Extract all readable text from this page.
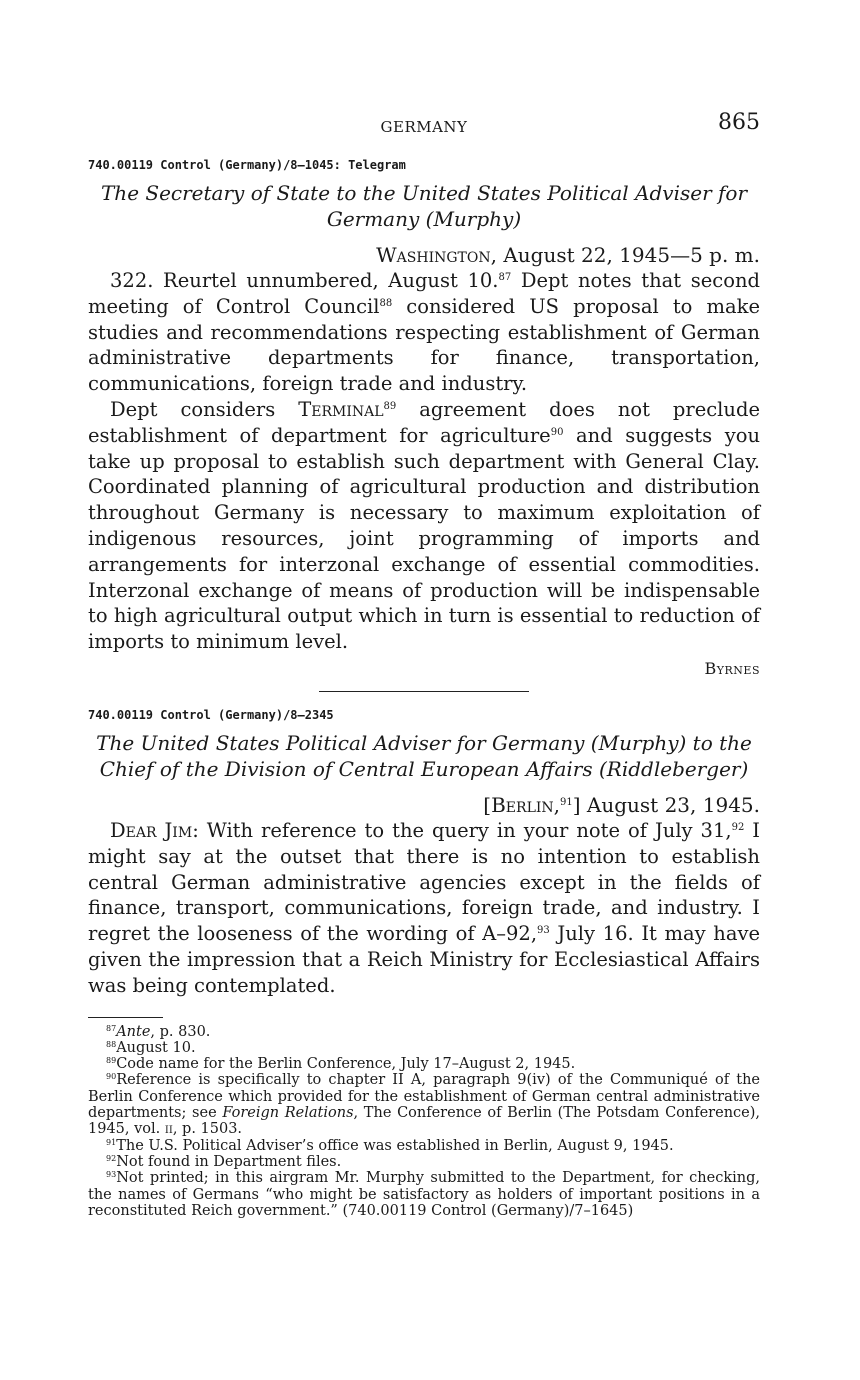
GERMANY	865
740.00119 Control (Germany)/8–1045: Telegram
The Secretary of State to the United States Political Adviser for
Germany (Murphy)
Washington, August 22, 1945—5 p. m.

322. Reurtel unnumbered, August 10.87 Dept notes that second meeting of Control Council$^{88}$ considered US proposal to make studies and recommendations respecting establishment of German administrative departments for finance, transportation, communications, foreign trade and industry.

Dept considers Terminal$^{89}$ agreement does not preclude establishment of department for agriculture$^{90}$ and suggests you take up proposal to establish such department with General Clay. Coordinated planning of agricultural production and distribution throughout Germany is necessary to maximum exploitation of indigenous resources, joint programming of imports and arrangements for interzonal exchange of essential commodities. Interzonal exchange of means of production will be indispensable to high agricultural output which in turn is essential to reduction of imports to minimum level.

Byrnes
740.00119 Control (Germany)/8–2345
The United States Political Adviser for Germany (Murphy) to the
Chief of the Division of Central European Affairs (Riddleberger)
[Berlin,$^{91}$] August 23, 1945.

Dear Jim: With reference to the query in your note of July 31,92 I might say at the outset that there is no intention to establish central German administrative agencies except in the fields of finance, transport, communications, foreign trade, and industry. I regret the looseness of the wording of A–92,93 July 16. It may have given the impression that a Reich Ministry for Ecclesiastical Affairs was being contemplated.

$^{87}$Ante, p. 830.

$^{88}$August 10.

$^{89}$Code name for the Berlin Conference, July 17–August 2, 1945.

$^{90}$Reference is specifically to chapter II A, paragraph 9(iv) of the Communiqué of the Berlin Conference which provided for the establishment of German central administrative departments; see Foreign Relations, The Conference of Berlin (The Potsdam Conference), 1945, vol. ii, p. 1503.

$^{91}$The U.S. Political Adviser’s office was established in Berlin, August 9, 1945.

$^{92}$Not found in Department files.

$^{93}$Not printed; in this airgram Mr. Murphy submitted to the Department, for checking, the names of Germans “who might be satisfactory as holders of important positions in a reconstituted Reich government.” (740.00119 Control (Germany)/7–1645)
